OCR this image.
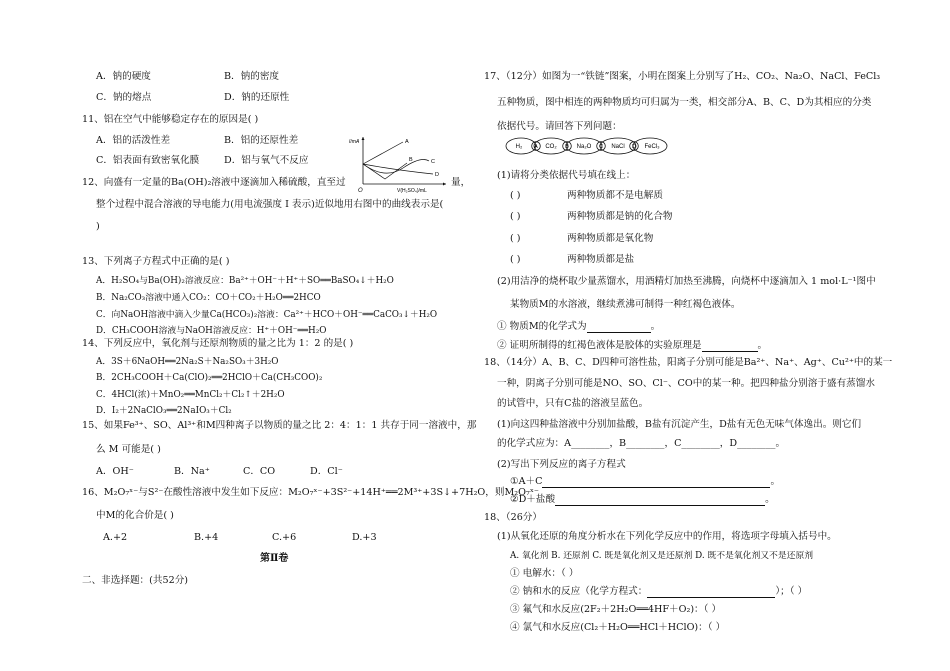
A．钠的硬度	B．钠的密度
C．钠的熔点	D．钠的还原性
11、铝在空气中能够稳定存在的原因是( )
A．铝的活泼性差	B．铝的还原性差
C．铝表面有致密氧化膜	D．铝与氧气不反应
12、向盛有一定量的Ba(OH)₂溶液中逐滴加入稀硫酸，直至过	量，
整个过程中混合溶液的导电能力(用电流强度 I 表示)近似地用右图中的曲线表示是(
)
I/mA
O	V(H₂SO₄)/mL
A
B	C
D
13、下列离子方程式中正确的是( )
A．H₂SO₄与Ba(OH)₂溶液反应：Ba²⁺＋OH⁻＋H⁺＋SO══BaSO₄↓＋H₂O
B．Na₂CO₃溶液中通入CO₂：CO＋CO₂＋H₂O══2HCO
C．向NaOH溶液中滴入少量Ca(HCO₃)₂溶液：Ca²⁺＋HCO＋OH⁻══CaCO₃↓＋H₂O
D．CH₃COOH溶液与NaOH溶液反应：H⁺＋OH⁻══H₂O
14、下列反应中，氧化剂与还原剂物质的量之比为 1：2 的是( )
A．3S＋6NaOH══2Na₂S＋Na₂SO₃＋3H₂O
B．2CH₃COOH＋Ca(ClO)₂══2HClO＋Ca(CH₃COO)₂
C．4HCl(浓)＋MnO₂══MnCl₂＋Cl₂↑＋2H₂O
D．I₂＋2NaClO₃══2NaIO₃＋Cl₂
15、如果Fe³⁺、SO、Al³⁺和M四种离子以物质的量之比 2：4：1：1 共存于同一溶液中，那
么 M 可能是( )
A．OH⁻	B．Na⁺	C．CO	D．Cl⁻
16、M₂O₇ˣ⁻与S²⁻在酸性溶液中发生如下反应：M₂O₇ˣ⁻+3S²⁻+14H⁺══2M³⁺+3S↓+7H₂O，则M₂O₇ˣ⁻
中M的化合价是( )
A.+2	B.+4	C.+6	D.+3
第Ⅱ卷
二、非选择题：(共52分)
17、（12分）如图为一“铁链”图案，小明在图案上分别写了H₂、CO₂、Na₂O、NaCl、FeCl₃
五种物质，图中相连的两种物质均可归属为一类，相交部分A、B、C、D为其相应的分类
依据代号。请回答下列问题：
H₂ A CO₂ B Na₂O C NaCl D FeCl₃
(1)请将分类依据代号填在线上：
( )	两种物质都不是电解质
( )	两种物质都是钠的化合物
( )	两种物质都是氧化物
( )	两种物质都是盐
(2)用洁净的烧杯取少量蒸馏水，用酒精灯加热至沸腾，向烧杯中逐滴加入 1 mol·L⁻¹图中
某物质M的水溶液，继续煮沸可制得一种红褐色液体。
① 物质M的化学式为	。
② 证明所制得的红褐色液体是胶体的实验原理是	。
18、（14分）A、B、C、D四种可溶性盐，阳离子分别可能是Ba²⁺、Na⁺、Ag⁺、Cu²⁺中的某一
一种，阴离子分别可能是NO、SO、Cl⁻、CO中的某一种。把四种盐分别溶于盛有蒸馏水
的试管中，只有C盐的溶液呈蓝色。
(1)向这四种盐溶液中分别加盐酸，B盐有沉淀产生，D盐有无色无味气体逸出。则它们
的化学式应为：A________，B________，C________，D________。
(2)写出下列反应的离子方程式
①A＋C	。
②D＋盐酸	。
18、（26分）
(1)从氧化还原的角度分析水在下列化学反应中的作用，将选项字母填入括号中。
A. 氧化剂 B. 还原剂 C. 既是氧化剂又是还原剂 D. 既不是氧化剂又不是还原剂
① 电解水：（ ）
② 钠和水的反应（化学方程式：	）；（ ）
③ 氟气和水反应(2F₂＋2H₂O══4HF＋O₂)：（ ）
④ 氯气和水反应(Cl₂＋H₂O══HCl＋HClO)：（ ）
